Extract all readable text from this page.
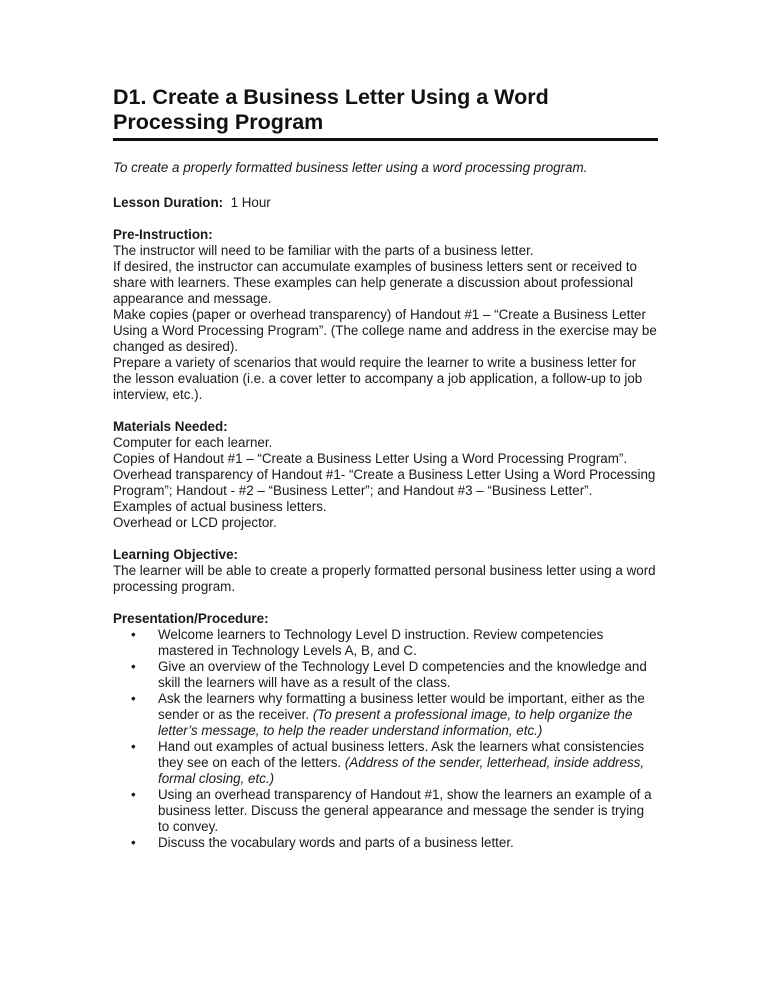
D1. Create a Business Letter Using a Word Processing Program

To create a properly formatted business letter using a word processing program.

Lesson Duration: 1 Hour

Pre-Instruction:
The instructor will need to be familiar with the parts of a business letter.
If desired, the instructor can accumulate examples of business letters sent or received to share with learners. These examples can help generate a discussion about professional appearance and message.
Make copies (paper or overhead transparency) of Handout #1 – “Create a Business Letter Using a Word Processing Program”. (The college name and address in the exercise may be changed as desired).
Prepare a variety of scenarios that would require the learner to write a business letter for the lesson evaluation (i.e. a cover letter to accompany a job application, a follow-up to job interview, etc.).
Materials Needed:
Computer for each learner.
Copies of Handout #1 – “Create a Business Letter Using a Word Processing Program”.
Overhead transparency of Handout #1- “Create a Business Letter Using a Word Processing Program”; Handout - #2 – “Business Letter”; and Handout #3 – “Business Letter”.
Examples of actual business letters.
Overhead or LCD projector.
Learning Objective:
The learner will be able to create a properly formatted personal business letter using a word processing program.
Presentation/Procedure:
• Welcome learners to Technology Level D instruction. Review competencies mastered in Technology Levels A, B, and C.
• Give an overview of the Technology Level D competencies and the knowledge and skill the learners will have as a result of the class.
• Ask the learners why formatting a business letter would be important, either as the sender or as the receiver. (To present a professional image, to help organize the letter’s message, to help the reader understand information, etc.)
• Hand out examples of actual business letters. Ask the learners what consistencies they see on each of the letters. (Address of the sender, letterhead, inside address, formal closing, etc.)
• Using an overhead transparency of Handout #1, show the learners an example of a business letter. Discuss the general appearance and message the sender is trying to convey.
• Discuss the vocabulary words and parts of a business letter.
